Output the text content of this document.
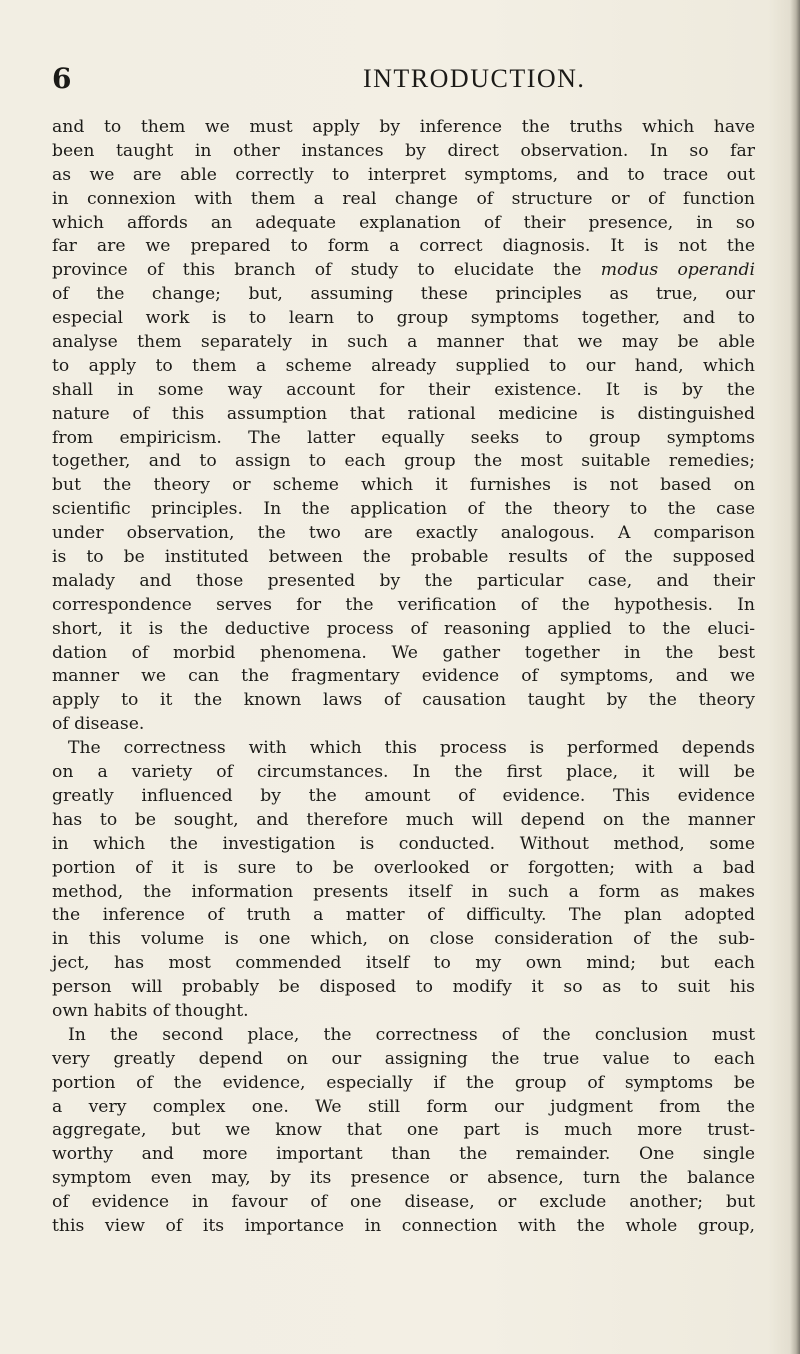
6	INTRODUCTION.
and to them we must apply by inference the truths which have
been taught in other instances by direct observation. In so far
as we are able correctly to interpret symptoms, and to trace out
in connexion with them a real change of structure or of function
which affords an adequate explanation of their presence, in so
far are we prepared to form a correct diagnosis. It is not the
province of this branch of study to elucidate the modus operandi
of the change; but, assuming these principles as true, our
especial work is to learn to group symptoms together, and to
analyse them separately in such a manner that we may be able
to apply to them a scheme already supplied to our hand, which
shall in some way account for their existence. It is by the
nature of this assumption that rational medicine is distinguished
from empiricism. The latter equally seeks to group symptoms
together, and to assign to each group the most suitable remedies;
but the theory or scheme which it furnishes is not based on
scientific principles. In the application of the theory to the case
under observation, the two are exactly analogous. A comparison
is to be instituted between the probable results of the supposed
malady and those presented by the particular case, and their
correspondence serves for the verification of the hypothesis. In
short, it is the deductive process of reasoning applied to the eluci-
dation of morbid phenomena. We gather together in the best
manner we can the fragmentary evidence of symptoms, and we
apply to it the known laws of causation taught by the theory
of disease.
The correctness with which this process is performed depends
on a variety of circumstances. In the first place, it will be
greatly influenced by the amount of evidence. This evidence
has to be sought, and therefore much will depend on the manner
in which the investigation is conducted. Without method, some
portion of it is sure to be overlooked or forgotten; with a bad
method, the information presents itself in such a form as makes
the inference of truth a matter of difficulty. The plan adopted
in this volume is one which, on close consideration of the sub-
ject, has most commended itself to my own mind; but each
person will probably be disposed to modify it so as to suit his
own habits of thought.
In the second place, the correctness of the conclusion must
very greatly depend on our assigning the true value to each
portion of the evidence, especially if the group of symptoms be
a very complex one. We still form our judgment from the
aggregate, but we know that one part is much more trust-
worthy and more important than the remainder. One single
symptom even may, by its presence or absence, turn the balance
of evidence in favour of one disease, or exclude another; but
this view of its importance in connection with the whole group,
